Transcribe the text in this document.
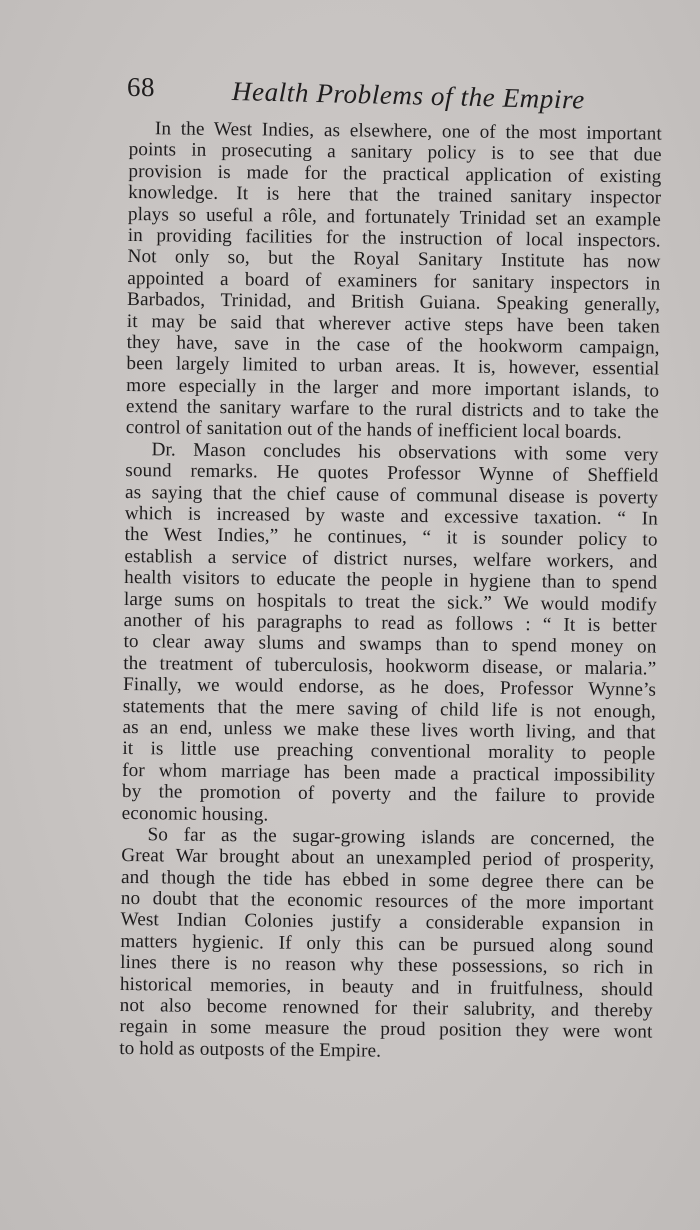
68	Health Problems of the Empire
In the West Indies, as elsewhere, one of the most important
points in prosecuting a sanitary policy is to see that due
provision is made for the practical application of existing
knowledge. It is here that the trained sanitary inspector
plays so useful a rôle, and fortunately Trinidad set an example
in providing facilities for the instruction of local inspectors.
Not only so, but the Royal Sanitary Institute has now
appointed a board of examiners for sanitary inspectors in
Barbados, Trinidad, and British Guiana. Speaking generally,
it may be said that wherever active steps have been taken
they have, save in the case of the hookworm campaign,
been largely limited to urban areas. It is, however, essential
more especially in the larger and more important islands, to
extend the sanitary warfare to the rural districts and to take the
control of sanitation out of the hands of inefficient local boards.
Dr. Mason concludes his observations with some very
sound remarks. He quotes Professor Wynne of Sheffield
as saying that the chief cause of communal disease is poverty
which is increased by waste and excessive taxation. “ In
the West Indies,” he continues, “ it is sounder policy to
establish a service of district nurses, welfare workers, and
health visitors to educate the people in hygiene than to spend
large sums on hospitals to treat the sick.” We would modify
another of his paragraphs to read as follows : “ It is better
to clear away slums and swamps than to spend money on
the treatment of tuberculosis, hookworm disease, or malaria.”
Finally, we would endorse, as he does, Professor Wynne’s
statements that the mere saving of child life is not enough,
as an end, unless we make these lives worth living, and that
it is little use preaching conventional morality to people
for whom marriage has been made a practical impossibility
by the promotion of poverty and the failure to provide
economic housing.
So far as the sugar-growing islands are concerned, the
Great War brought about an unexampled period of prosperity,
and though the tide has ebbed in some degree there can be
no doubt that the economic resources of the more important
West Indian Colonies justify a considerable expansion in
matters hygienic. If only this can be pursued along sound
lines there is no reason why these possessions, so rich in
historical memories, in beauty and in fruitfulness, should
not also become renowned for their salubrity, and thereby
regain in some measure the proud position they were wont
to hold as outposts of the Empire.
